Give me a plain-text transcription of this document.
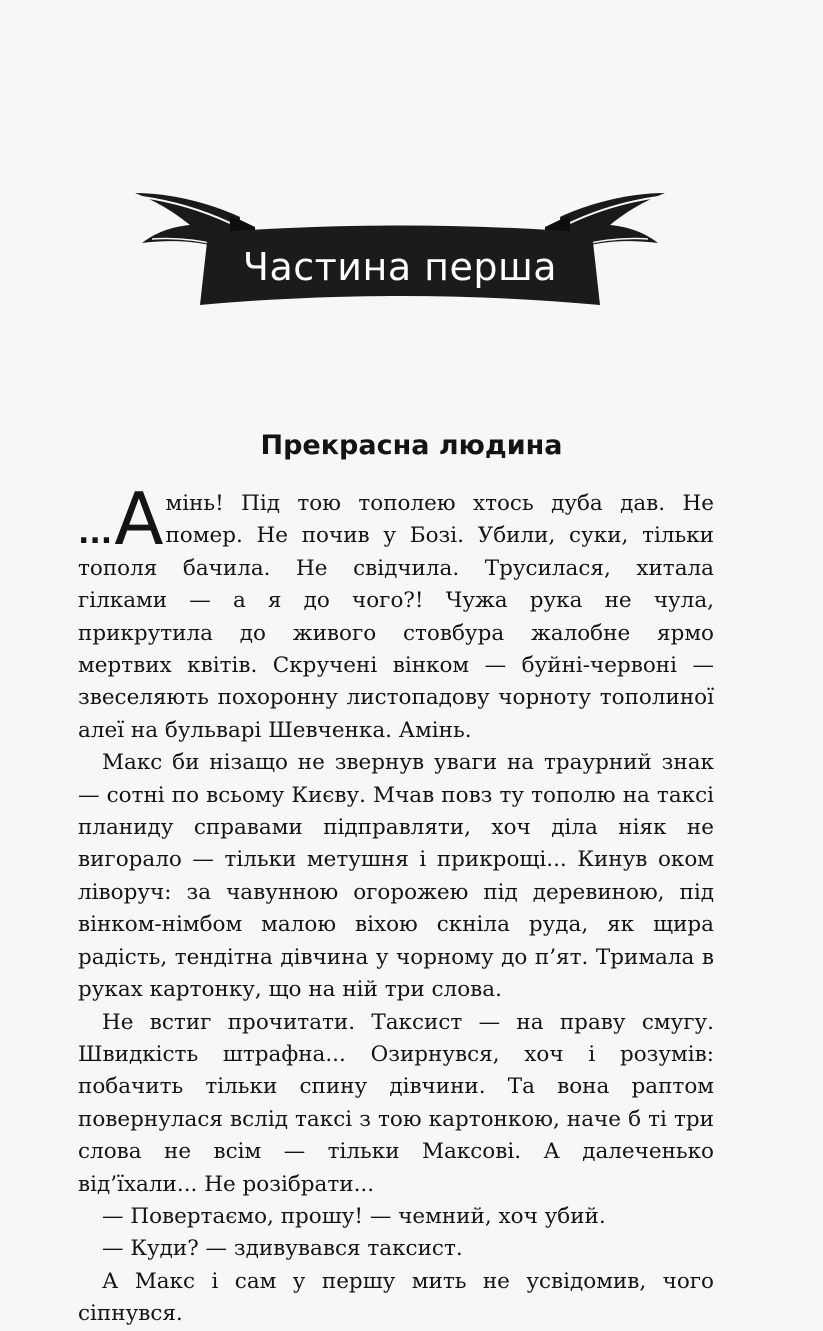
Частина перша
Прекрасна людина

... А мінь! Під тою тополею хтось дуба дав. Не помер. Не почив у Бозі. Убили, суки, тільки тополя бачила. Не свідчила. Трусилася, хитала гілками — а я до чого?! Чужа рука не чула, прикрутила до живого стовбура жалобне ярмо мертвих квітів. Скручені вінком — буйні-червоні — звеселяють похоронну листопадову чорноту тополиної алеї на бульварі Шевченка. Амінь.

Макс би нізащо не звернув уваги на траурний знак — сотні по всьому Києву. Мчав повз ту тополю на таксі планиду справами підправляти, хоч діла ніяк не вигорало — тільки метушня і прикрощі... Кинув оком ліворуч: за чавунною огорожею під деревиною, під вінком-німбом малою віхою скніла руда, як щира радість, тендітна дівчина у чорному до п’ят. Тримала в руках картонку, що на ній три слова.

Не встиг прочитати. Таксист — на праву смугу. Швидкість штрафна... Озирнувся, хоч і розумів: побачить тільки спину дівчини. Та вона раптом повернулася вслід таксі з тою картонкою, наче б ті три слова не всім — тільки Максові. А далеченько від’їхали... Не розібрати...

— Повертаємо, прошу! — чемний, хоч убий.

— Куди? — здивувався таксист.

А Макс і сам у першу мить не усвідомив, чого сіпнувся.
